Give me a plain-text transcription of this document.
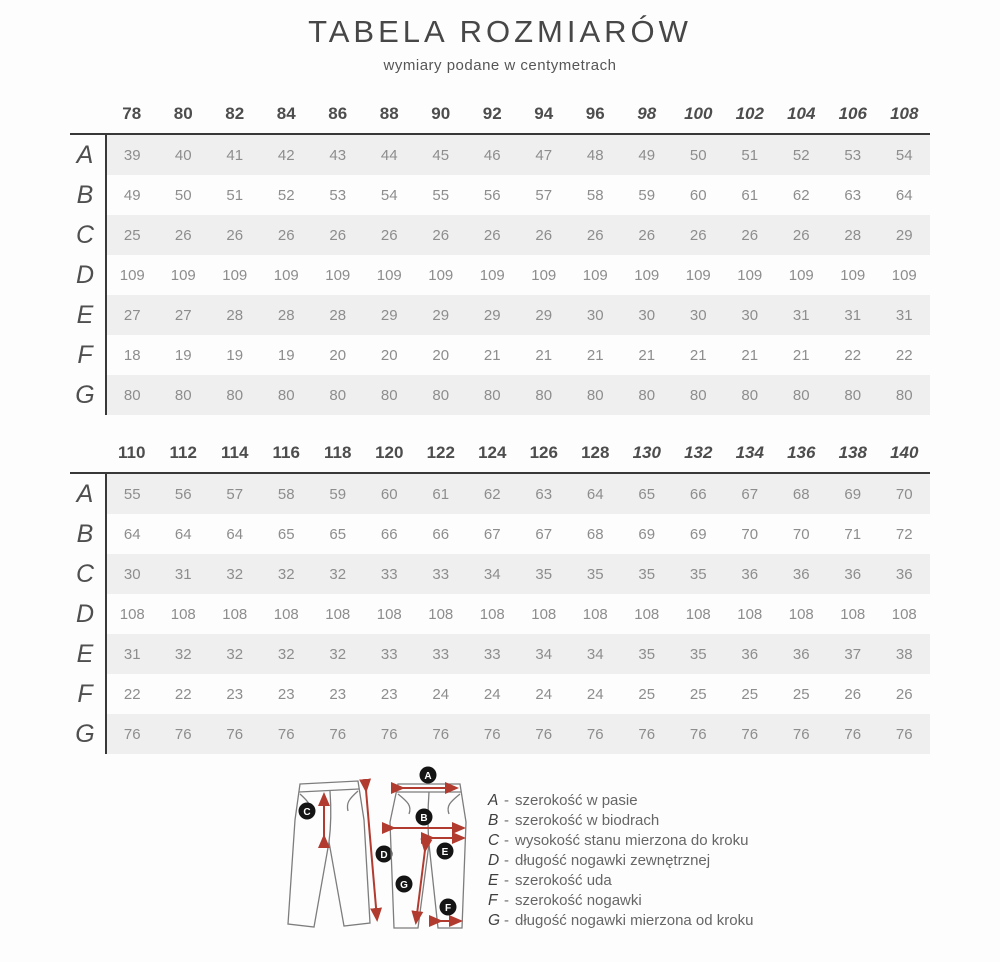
TABELA ROZMIARÓW
wymiary podane w centymetrach
	78	80	82	84	86	88	90	92	94	96	98	100	102	104	106	108
A	39	40	41	42	43	44	45	46	47	48	49	50	51	52	53	54
B	49	50	51	52	53	54	55	56	57	58	59	60	61	62	63	64
C	25	26	26	26	26	26	26	26	26	26	26	26	26	26	28	29
D	109	109	109	109	109	109	109	109	109	109	109	109	109	109	109	109
E	27	27	28	28	28	29	29	29	29	30	30	30	30	31	31	31
F	18	19	19	19	20	20	20	21	21	21	21	21	21	21	22	22
G	80	80	80	80	80	80	80	80	80	80	80	80	80	80	80	80
	110	112	114	116	118	120	122	124	126	128	130	132	134	136	138	140
A	55	56	57	58	59	60	61	62	63	64	65	66	67	68	69	70
B	64	64	64	65	65	66	66	67	67	68	69	69	70	70	71	72
C	30	31	32	32	32	33	33	34	35	35	35	35	36	36	36	36
D	108	108	108	108	108	108	108	108	108	108	108	108	108	108	108	108
E	31	32	32	32	32	33	33	33	34	34	35	35	36	36	37	38
F	22	22	23	23	23	23	24	24	24	24	25	25	25	25	26	26
G	76	76	76	76	76	76	76	76	76	76	76	76	76	76	76	76
C
D
A
B
E
G
F
A - szerokość w pasie
B - szerokość w biodrach
C - wysokość stanu mierzona do kroku
D - długość nogawki zewnętrznej
E - szerokość uda
F - szerokość nogawki
G - długość nogawki mierzona od kroku
